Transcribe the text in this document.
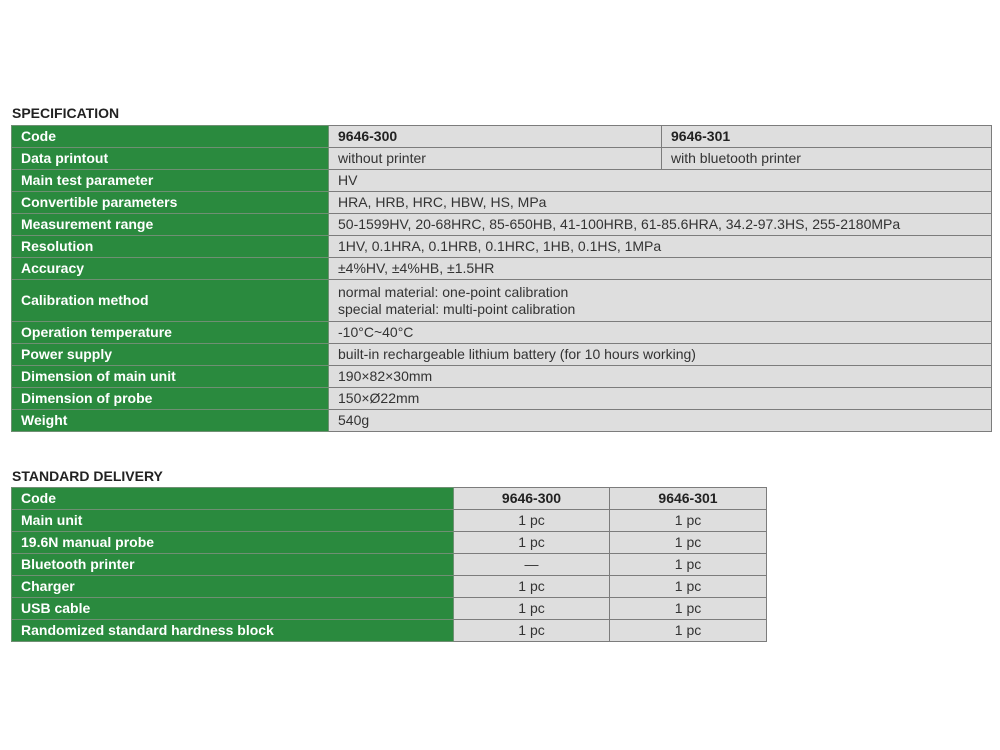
SPECIFICATION
Code	9646-300	9646-301
Data printout	without printer	with bluetooth printer
Main test parameter	HV	
Convertible parameters	HRA, HRB, HRC, HBW, HS, MPa	
Measurement range	50-1599HV, 20-68HRC, 85-650HB, 41-100HRB, 61-85.6HRA, 34.2-97.3HS, 255-2180MPa	
Resolution	1HV, 0.1HRA, 0.1HRB, 0.1HRC, 1HB, 0.1HS, 1MPa	
Accuracy	±4%HV, ±4%HB, ±1.5HR	
Calibration method	normal material: one-point calibration
special material: multi-point calibration	

Operation temperature	-10°C~40°C	
Power supply	built-in rechargeable lithium battery (for 10 hours working)	
Dimension of main unit	190×82×30mm	
Dimension of probe	150×Ø22mm	
Weight	540g	
STANDARD DELIVERY
Code	9646-300	9646-301
Main unit	1 pc	1 pc
19.6N manual probe	1 pc	1 pc
Bluetooth printer	—	1 pc
Charger	1 pc	1 pc
USB cable	1 pc	1 pc
Randomized standard hardness block	1 pc	1 pc
